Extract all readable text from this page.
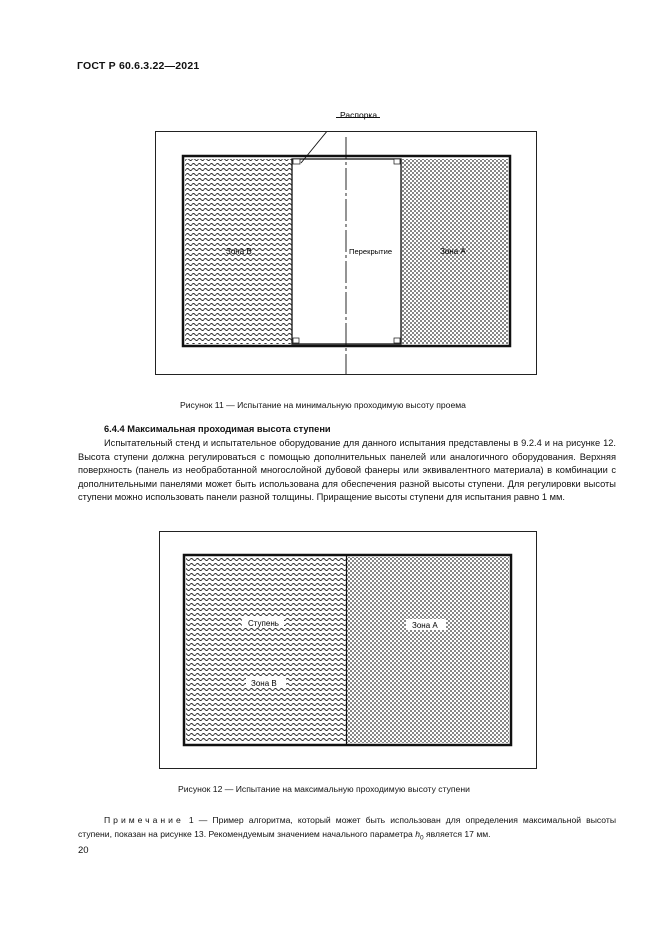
ГОСТ Р 60.6.3.22—2021
Зона B	Зона А
Перекрытие
Распорка
Рисунок 11 — Испытание на минимальную проходимую высоту проема
6.4.4 Максимальная проходимая высота ступени
Испытательный стенд и испытательное оборудование для данного испытания представлены в 9.2.4 и на рисунке 12. Высота ступени должна регулироваться с помощью дополнительных панелей или аналогичного оборудования. Верхняя поверхность (панель из необработанной многослойной дубовой фанеры или эквивалентного материала) в комбинации с дополнительными панелями может быть использована для обеспечения разной высоты ступени. Для регулировки высоты ступени можно использовать панели разной толщины. Приращение высоты ступени для испытания равно 1 мм.
Ступень	Зона А
Зона B
Рисунок 12 — Испытание на максимальную проходимую высоту ступени
Примечание 1 — Пример алгоритма, который может быть использован для определения максимальной высоты ступени, показан на рисунке 13. Рекомендуемым значением начального параметра $h_0$ является 17 мм.
20
